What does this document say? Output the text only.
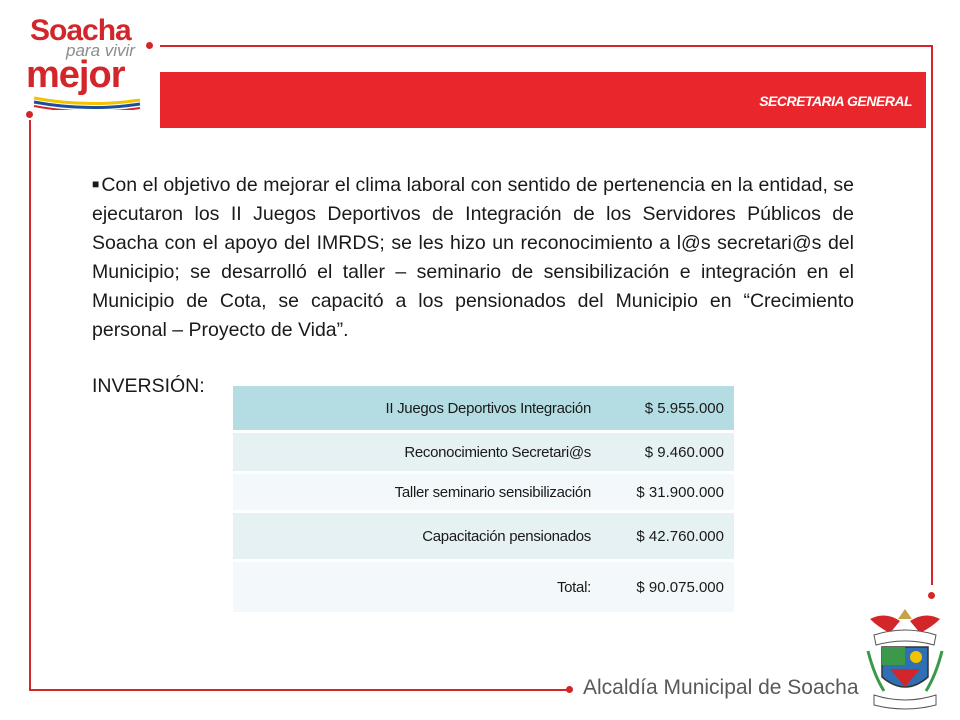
Soacha
para vivir
mejor
SECRETARIA GENERAL
■ Con el objetivo de mejorar el clima laboral con sentido de pertenencia en la entidad, se ejecutaron los II Juegos Deportivos de Integración de los Servidores Públicos de Soacha con el apoyo del IMRDS; se les hizo un reconocimiento a l@s secretari@s del Municipio; se desarrolló el taller – seminario de sensibilización e integración en el Municipio de Cota, se capacitó a los pensionados del Municipio en “Crecimiento personal – Proyecto de Vida”.
INVERSIÓN:
II Juegos Deportivos Integración	$ 5.955.000

Reconocimiento Secretari@s	$ 9.460.000

Taller seminario sensibilización	$ 31.900.000

Capacitación pensionados	$ 42.760.000

Total:	$ 90.075.000
Alcaldía Municipal de Soacha
